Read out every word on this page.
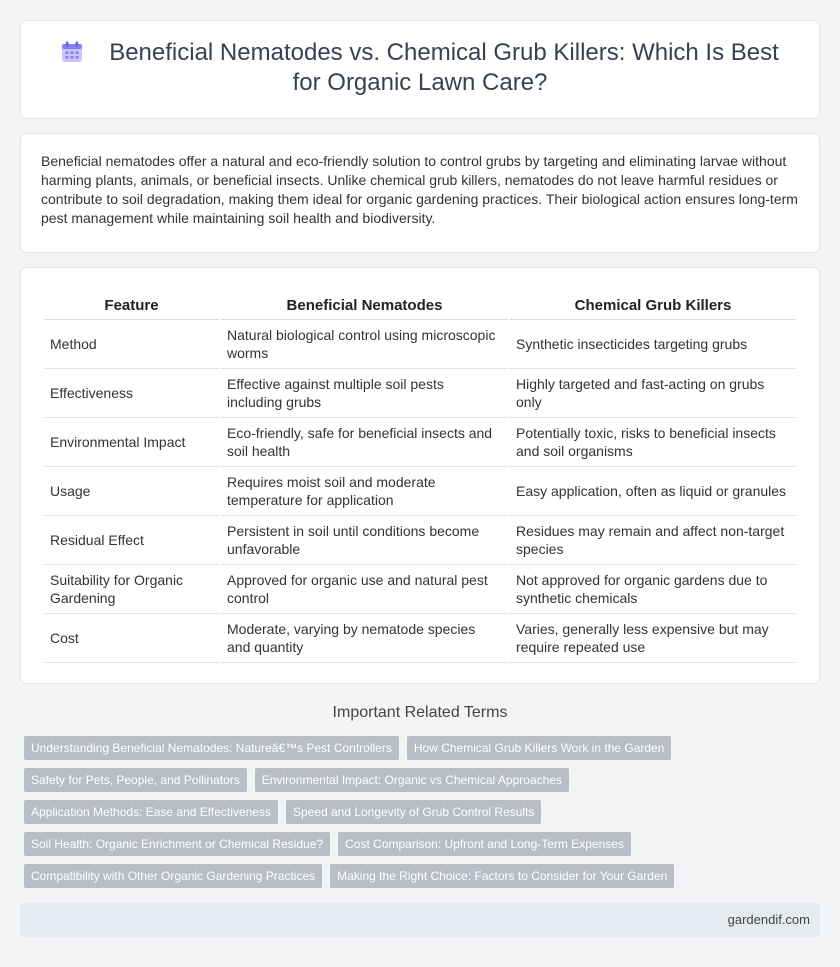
Beneficial Nematodes vs. Chemical Grub Killers: Which Is Best for Organic Lawn Care?

Beneficial nematodes offer a natural and eco-friendly solution to control grubs by targeting and eliminating larvae without harming plants, animals, or beneficial insects. Unlike chemical grub killers, nematodes do not leave harmful residues or contribute to soil degradation, making them ideal for organic gardening practices. Their biological action ensures long-term pest management while maintaining soil health and biodiversity.

Feature	Beneficial Nematodes	Chemical Grub Killers
Method	Natural biological control using microscopic worms	Synthetic insecticides targeting grubs
Effectiveness	Effective against multiple soil pests including grubs	Highly targeted and fast-acting on grubs only
Environmental Impact	Eco-friendly, safe for beneficial insects and soil health	Potentially toxic, risks to beneficial insects and soil organisms
Usage	Requires moist soil and moderate temperature for application	Easy application, often as liquid or granules
Residual Effect	Persistent in soil until conditions become unfavorable	Residues may remain and affect non-target species
Suitability for Organic Gardening	Approved for organic use and natural pest control	Not approved for organic gardens due to synthetic chemicals
Cost	Moderate, varying by nematode species and quantity	Varies, generally less expensive but may require repeated use
Important Related Terms
Understanding Beneficial Nematodes: Natureâ€™s Pest Controllers	How Chemical Grub Killers Work in the Garden
Safety for Pets, People, and Pollinators	Environmental Impact: Organic vs Chemical Approaches
Application Methods: Ease and Effectiveness	Speed and Longevity of Grub Control Results
Soil Health: Organic Enrichment or Chemical Residue?	Cost Comparison: Upfront and Long-Term Expenses
Compatibility with Other Organic Gardening Practices	Making the Right Choice: Factors to Consider for Your Garden
gardendif.com
